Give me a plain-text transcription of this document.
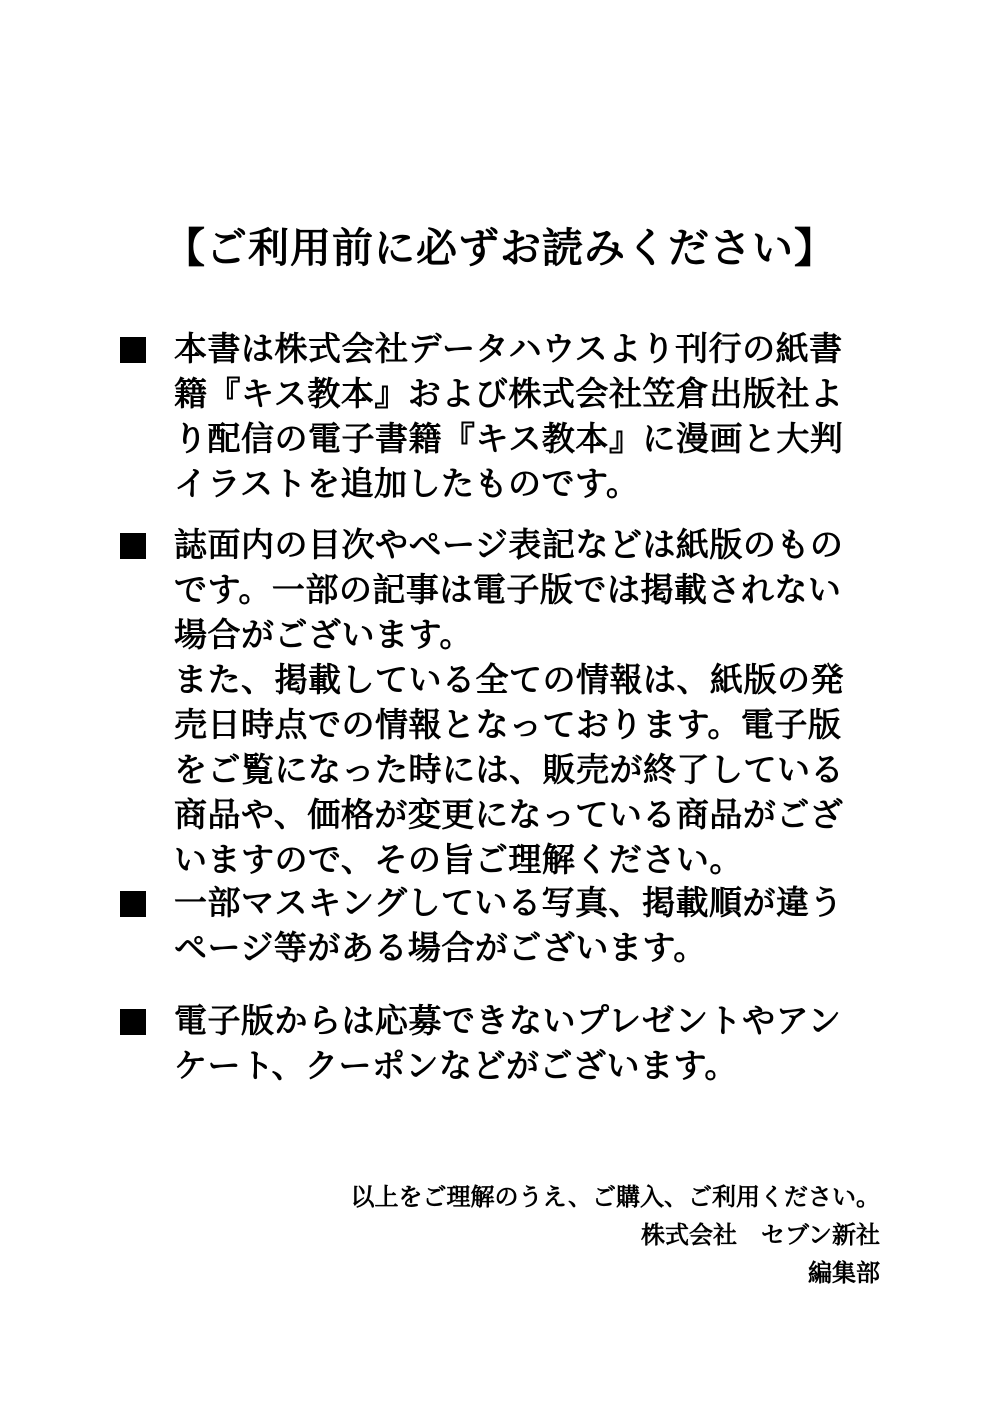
【ご利用前に必ずお読みください】
本書は株式会社データハウスより刊行の紙書
籍『キス教本』および株式会社笠倉出版社よ
り配信の電子書籍『キス教本』に漫画と大判
イラストを追加したものです。
誌面内の目次やページ表記などは紙版のもの
です。一部の記事は電子版では掲載されない
場合がございます。
また、掲載している全ての情報は、紙版の発
売日時点での情報となっております。電子版
をご覧になった時には、販売が終了している
商品や、価格が変更になっている商品がござ
いますので、その旨ご理解ください。
一部マスキングしている写真、掲載順が違う
ページ等がある場合がございます。
電子版からは応募できないプレゼントやアン
ケート、クーポンなどがございます。
以上をご理解のうえ、ご購入、ご利用ください。
株式会社　セブン新社
編集部
